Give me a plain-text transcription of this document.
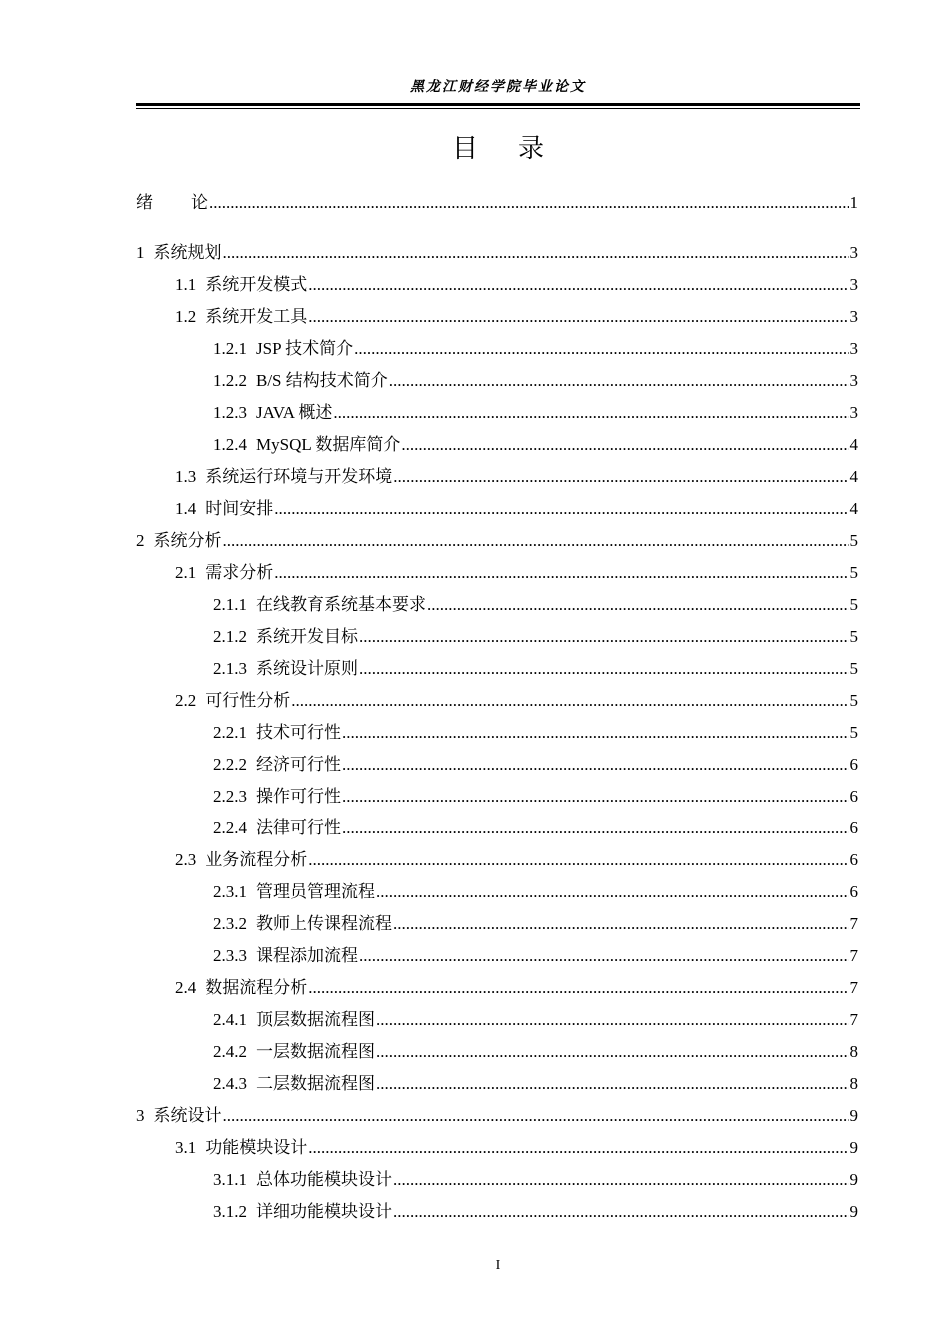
黑龙江财经学院毕业论文
目 录
绪 论 .....	1
1 系统规划 .....	3
1.1 系统开发模式 .....	3
1.2 系统开发工具 .....	3
1.2.1 JSP 技术简介 .....	3
1.2.2 B/S 结构技术简介 .....	3
1.2.3 JAVA 概述 .....	3
1.2.4 MySQL 数据库简介 .....	4
1.3 系统运行环境与开发环境 .....	4
1.4 时间安排 .....	4
2 系统分析 .....	5
2.1 需求分析 .....	5
2.1.1 在线教育系统基本要求 .....	5
2.1.2 系统开发目标 .....	5
2.1.3 系统设计原则 .....	5
2.2 可行性分析 .....	5
2.2.1 技术可行性 .....	5
2.2.2 经济可行性 .....	6
2.2.3 操作可行性 .....	6
2.2.4 法律可行性 .....	6
2.3 业务流程分析 .....	6
2.3.1 管理员管理流程 .....	6
2.3.2 教师上传课程流程 .....	7
2.3.3 课程添加流程 .....	7
2.4 数据流程分析 .....	7
2.4.1 顶层数据流程图 .....	7
2.4.2 一层数据流程图 .....	8
2.4.3 二层数据流程图 .....	8
3 系统设计 .....	9
3.1 功能模块设计 .....	9
3.1.1 总体功能模块设计 .....	9
3.1.2 详细功能模块设计 .....	9
I
